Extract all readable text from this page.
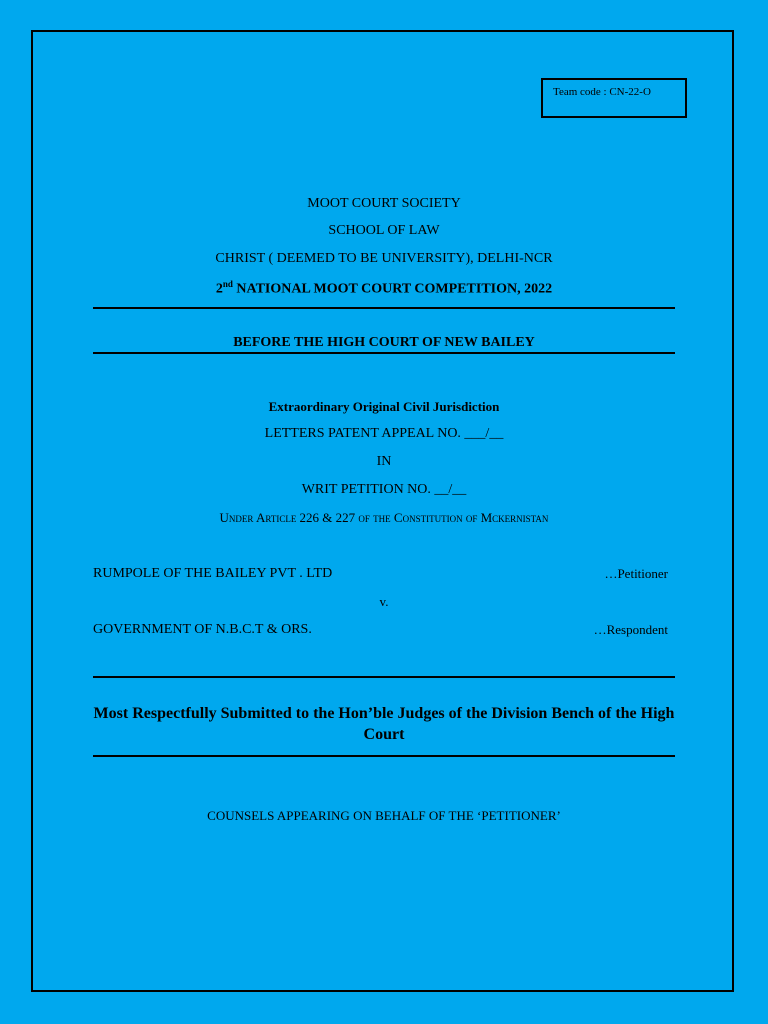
Team code : CN-22-O
MOOT COURT SOCIETY
SCHOOL OF LAW
CHRIST ( DEEMED TO BE UNIVERSITY), DELHI-NCR
2nd NATIONAL MOOT COURT COMPETITION, 2022
BEFORE THE HIGH COURT OF NEW BAILEY
Extraordinary Original Civil Jurisdiction
LETTERS PATENT APPEAL NO. ___/__
IN
WRIT PETITION NO. __/__
Under Article 226 & 227 of the Constitution of Mckernistan
RUMPOLE OF THE BAILEY PVT . LTD	…Petitioner
v.
GOVERNMENT OF N.B.C.T & ORS.	…Respondent
Most Respectfully Submitted to the Hon’ble Judges of the Division Bench of the High Court
COUNSELS APPEARING ON BEHALF OF THE ‘PETITIONER’
